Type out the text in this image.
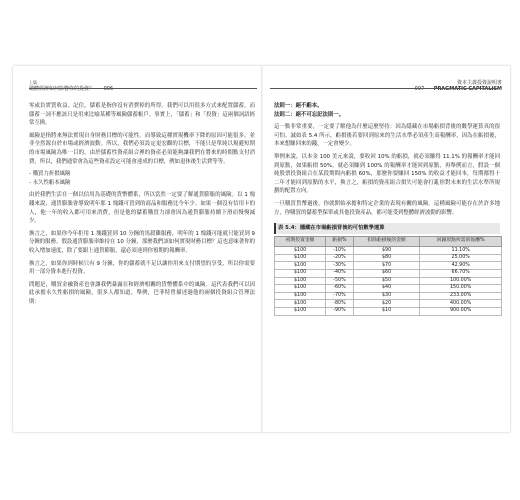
上篇
總體經濟如何影響你的投資？ 096

零或負實質收益。記住，儲蓄是指你沒有消費掉的所得。我們可以用很多方式來配置儲蓄，而儲蓄一詞不應該只是用來比喻某種等風險儲蓄帳戶。事實上，「儲蓄」和「投資」這兩個詞語經常互換。

風險是指將來無法實現自身財務目標的可能性。而導致這種實現機率下降的原因可能很多，並非全然源自於市場或經濟波動。所以，我們必須設定更宏觀的目標，不能只是單純以規避短期的市場風險為唯一目的。由於儲蓄性資產組合裡的資產必須能夠讓我們在將來的時間點支付消費，所以，我們通常會為這些資產設定可能會達成的目標，例如退休後生活費等等。

- 購買力折損風險

- 永久性虧本風險

由於我們生活在一個以信用為基礎的貨幣體系，所以當然一定要了解通貨膨脹的風險。以 1 塊錢來說，通貨膨脹會導致明年那 1 塊錢可買到的商品和服務比今年少。如果一個沒有信用卡的人，他一年的收入都可用來消費，但是他的儲蓄購買力卻會因為通貨膨脹持續下滑而慢慢減少。

換言之，如果你今年拒用 1 塊錢買到 10 分鐘的馬殺雞服務，明年的 1 塊錢可能就只能買到 9 分鐘的服務。假設通貨膨脹率維持在 10 分鐘，那麼我們該如何實現財務目標？這也意味著你的收入增加速度，除了要跟上通貨膨脹，還必須達到你預期的報酬率。

換言之，如果你到時候只有 9 分鐘，你的儲蓄就不足以讓你用來支付期望的享受，所以你需要用一部分資本進行投資。

問題是，購買金融資產也會讓我們暴露在和經濟相關的貨幣體系中的風險。這代表我們可以因此承擔永久性虧損的風險，很多人都知道，舉例，巴菲特曾描述過他的兩個投資組合管理法則：

資本主義投資說明書
097 PRAGMATIC CAPITALISM

法則一：絕不虧本。

法則二：絕不可忘記法則一。

這一點非常重要，一定要了解他為什麼這麼堅持：因為隱藏在市場虧損背後的數學運算真的很可怕。誠如表 5.4 所示，虧損後若要回到原來的生活水準必須產生高報酬率，因為在虧損後，本來想賺回來的錢，一定會變少。

舉例來說，以本金 100 美元來說，要收回 10% 的虧損，就必須賺得 11.1% 的報酬率才能回到原點，如果虧損 50%，就必須賺到 100% 的報酬率才能回到原點，再舉例而言，假設一個純股票投資組合在某段期間內虧損 60%，那麼你要賺回 150% 的收益才能回本，每期都得十二年才能回到原點的水平，換言之，虧損的資產組合損失可能會打亂你對未來的生活水準所規劃的配置方向。

一旦購買貨幣過後，你就開始承擔和特定企業的表現有關的風險。這種風險可能存在於許多地方，你購買的儲蓄型保單或其他投資產品，都可能受到整體經濟波動的影響。

表 5.4：隱藏在市場虧損背後的可怕數學運算
初期投資金額	虧損%	扣除虧損後的金額	回歸原點所需的報酬%
$100	-10%	$90	11.10%
$100	-20%	$80	25.00%
$100	-30%	$70	42.90%
$100	-40%	$60	66.70%
$100	-50%	$50	100.00%
$100	-60%	$40	150.00%
$100	-70%	$30	233.00%
$100	-80%	$20	400.00%
$100	-90%	$10	900.00%
